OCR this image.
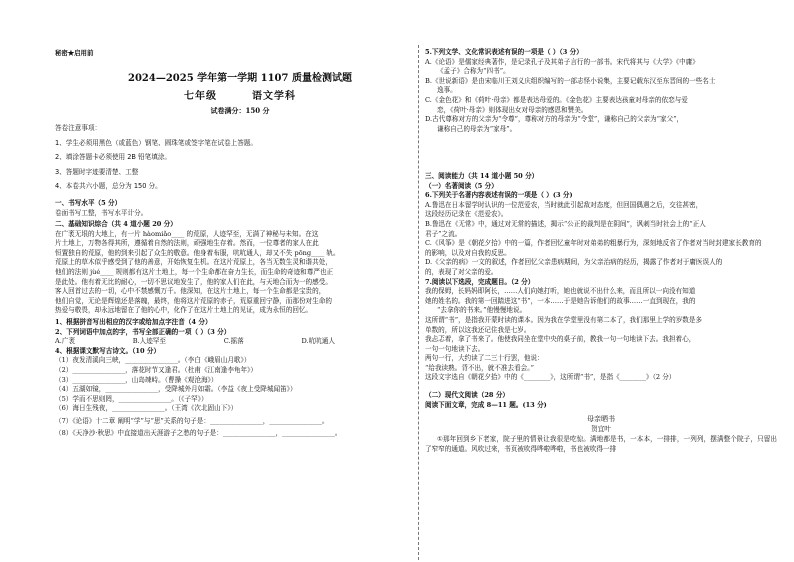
秘密★启用前
2024—2025 学年第一学期 1107 质量检测试题
七年级	语文学科
试卷满分：150 分

答卷注意事项：

1、学生必须用黑色（或蓝色）钢笔、圆珠笔或签字笔在试卷上答题。

2、填涂答题卡必须使用 2B 铅笔填涂。

3、答题时字迹要清楚、工整

4、本卷共六小题，总分为 150 分。

一、书写水平（5 分）

卷面书写工整，书写水平计分。

二、基础知识综合（共 4 道小题 20 分）

在广袤无垠的大地上，有一片 hàomiǎo____ 的荒原，人迹罕至，无满了神秘与未知。在这

片土地上，万物各得其所，遵循着自然的法则，顽强地生存着。然而，一位尊者的家人在此

恒置独自的荒原，他的到来引起了众生的敬意。他身着布服，吭吭通人，却又不失 pōng____ 轨。

荒原上的草木似乎感受到了他的善意，开始恢复生机。在这片荒原上，各当无数生灵和谐共处，

他们的法则 jùé____ 规则都有这片土地上，每一个生命都在奋力生长，而生命的奇迹和尊严也正

是此处。他有着无比的耐心，一切不思议地发生了，他的家人们在此，与天地合而为一的感受。

客人回首过去的一切，心中不禁感慨万千。他深知，在这片土地上，每一个生命都是宝贵的，

他们自觉，无论是辉煌还是落魄，最终，他将这片荒原的赤子，荒原重回宁静，而那份对生命的

热爱与敬畏，却永远地留在了他的心中，化作了在这片土地上的见证，成为永恒的回忆。

1、根据拼音写出相应的汉字或给加点字注音（4 分）

2、下列词语中加点的字，书写全部正确的一项（ ）（3 分）

A.广袤	B.人迹罕至	C.摇落	D.吭吭通人

4、根据课文默写古诗文。（10 分）

（1）夜发清溪向三峡，________________。（李白《峨眉山月歌》）

（2）________________，落花时节又逢君。（杜甫《江南逢李龟年》）

（3）________________，山岛竦峙。（曹操《观沧海》）

（4）五湖如镜，________________，受降城外月如霜。（李益《夜上受降城闻笛》）

（5）学而不思则罔，________________。（《子罕》）

（6）海日生残夜，________________。（王湾《次北固山下》）

（7）《论语》十二章 阐明“学”与“思”关系的句子是：________________，________________。

（8）《天净沙·秋思》中直接道出天涯游子之愁的句子是：________________，________________。

5.下列文学、文化常识表述有误的一项是（ ）（3 分）

A.《论语》是儒家经典著作，是记录孔子及其弟子言行的一部书。宋代将其与《大学》《中庸》

《孟子》合称为“四书”。

B.《世说新语》是由宋临川王刘义庆组织编写的一部志怪小说集，主要记载东汉至东晋间的一些名士

逸事。

C.《金色花》和《荷叶·母亲》都是表达母爱的。《金色花》主要表达孩童对母亲的依恋与爱

恋，《荷叶·母亲》则体现出女对母亲的感恩和赞美。

D.古代尊称对方的父亲为“令尊”，尊称对方的母亲为“令堂”，谦称自己的父亲为“家父”，

谦称自己的母亲为“家母”。

三、阅读能力（共 14 道小题 50 分）

（一）名著阅读（5 分）

6.下列关于名著内容表述有误的一项是（ ）(3 分)

A.鲁迅在日本留学时认识的一位范爱农，当时就此引起敌对态度，但回国偶遇之后，交往甚密，

这段经历记录在《范爱农》。

B.鲁迅在《无常》中，通过对无常的描述，揭示“公正的裁判是在阴间”，讽刺当时社会上的“正人

君子”之流。

C.《风筝》是《朝花夕拾》中的一篇，作者回忆童年时对弟弟的粗暴行为，深刻地反省了作者对当时封建家长教育的

的影响，以及对自我的反思。

D.《父亲的病》一文的叙述，作者回忆父亲患病期间，为父亲治病的经历，揭露了作者对于庸医误人的

的，表现了对父亲的爱。

7.阅读以下选段，完成题目。（2 分）

我的保姆，长妈妈即阿长，……人们向她打听，她也就说不出什么来，而且所以一向没有知道

她的姓名的。我的第一回踏进这“书”，一本……于是她告诉他们的故事……一直到现在，我的

“去拿你的书来。”他慢慢地说。

这所谓“书”，是指我开蒙时读的课本。因为我在学堂里没有第二本了，我们那里上学的岁数是多

单数的，所以这我还记住我是七岁。

我忐忑着，拿了书来了。他使我同坐在堂中央的桌子前，教我一句一句地读下去。我担着心，

一句一句地读下去。

两句一行，大约读了二三十行罢，他说：

“给我读熟。背不出，就不准去看会。”

这段文字选自《朝花夕拾》中的《________》，这所谓“书”，是指《________》（2 分）

（二）现代文阅读（28 分）

阅读下面文章，完成 8—11 题。(13 分)

母亲晒书

贺宜叶

①那年回到乡下老家，院子里的情景让我很是吃惊。满地都是书，一本本，一排排，一列列，摆满整个院子，只留出了窄窄的通道。风吹过来，书页被吹得哗啦哗啦，书也被吹得一排
